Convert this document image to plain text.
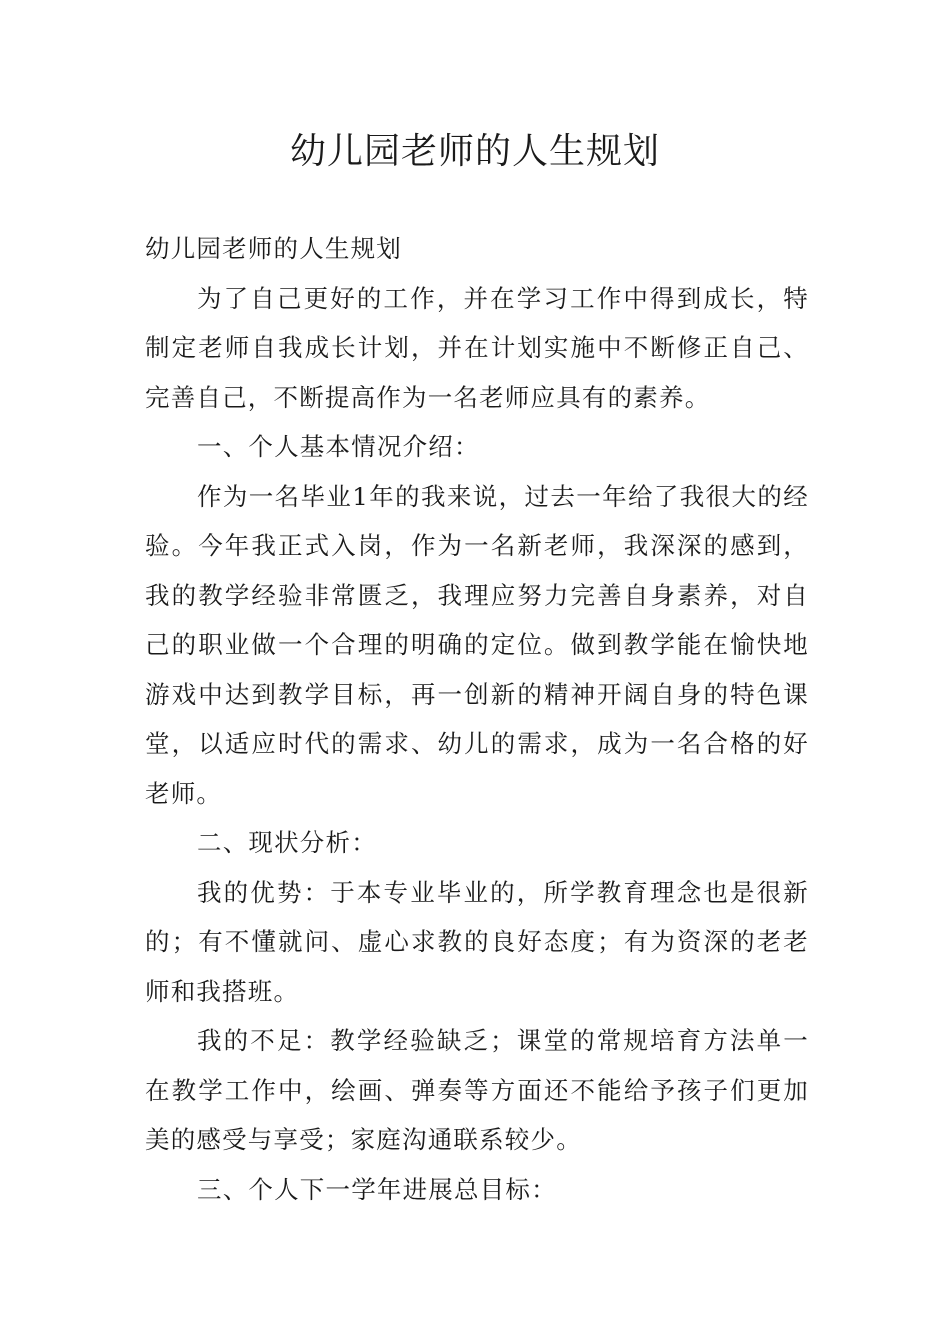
幼儿园老师的人生规划

幼儿园老师的人生规划

为了自己更好的工作，并在学习工作中得到成长，特制定老师自我成长计划，并在计划实施中不断修正自己、完善自己，不断提高作为一名老师应具有的素养。

一、个人基本情况介绍：

作为一名毕业1年的我来说，过去一年给了我很大的经验。今年我正式入岗，作为一名新老师，我深深的感到，我的教学经验非常匮乏，我理应努力完善自身素养，对自己的职业做一个合理的明确的定位。做到教学能在愉快地游戏中达到教学目标，再一创新的精神开阔自身的特色课堂，以适应时代的需求、幼儿的需求，成为一名合格的好老师。

二、现状分析：

我的优势：于本专业毕业的，所学教育理念也是很新的；有不懂就问、虚心求教的良好态度；有为资深的老老师和我搭班。

我的不足：教学经验缺乏；课堂的常规培育方法单一在教学工作中，绘画、弹奏等方面还不能给予孩子们更加美的感受与享受；家庭沟通联系较少。

三、个人下一学年进展总目标：
